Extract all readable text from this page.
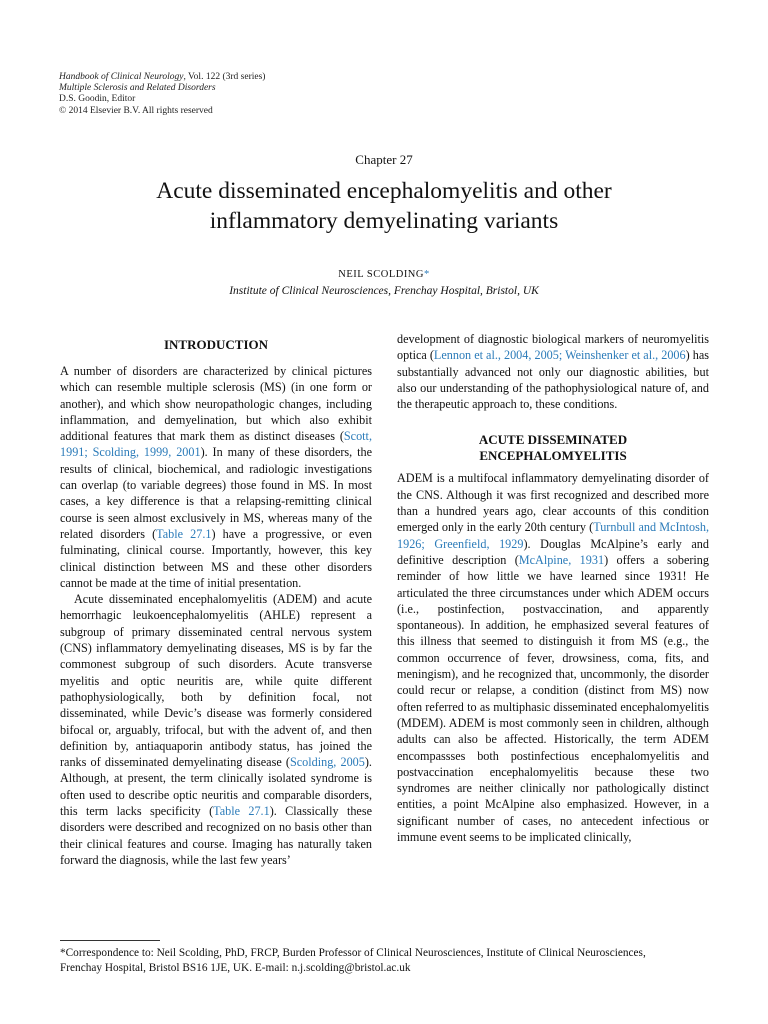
Handbook of Clinical Neurology, Vol. 122 (3rd series)
Multiple Sclerosis and Related Disorders
D.S. Goodin, Editor
© 2014 Elsevier B.V. All rights reserved
Chapter 27
Acute disseminated encephalomyelitis and other
inflammatory demyelinating variants
NEIL SCOLDING*
Institute of Clinical Neurosciences, Frenchay Hospital, Bristol, UK
INTRODUCTION

A number of disorders are characterized by clinical pictures which can resemble multiple sclerosis (MS) (in one form or another), and which show neuropathologic changes, including inflammation, and demyelination, but which also exhibit additional features that mark them as distinct diseases (Scott, 1991; Scolding, 1999, 2001). In many of these disorders, the results of clinical, biochemical, and radiologic investigations can overlap (to variable degrees) those found in MS. In most cases, a key difference is that a relapsing-remitting clinical course is seen almost exclusively in MS, whereas many of the related disorders (Table 27.1) have a progressive, or even fulminating, clinical course. Importantly, however, this key clinical distinction between MS and these other disorders cannot be made at the time of initial presentation.

Acute disseminated encephalomyelitis (ADEM) and acute hemorrhagic leukoencephalomyelitis (AHLE) represent a subgroup of primary disseminated central nervous system (CNS) inflammatory demyelinating diseases, MS is by far the commonest subgroup of such disorders. Acute transverse myelitis and optic neuritis are, while quite different pathophysiologically, both by definition focal, not disseminated, while Devic’s disease was formerly considered bifocal or, arguably, trifocal, but with the advent of, and then definition by, antiaquaporin antibody status, has joined the ranks of disseminated demyelinating disease (Scolding, 2005). Although, at present, the term clinically isolated syndrome is often used to describe optic neuritis and comparable disorders, this term lacks specificity (Table 27.1). Classically these disorders were described and recognized on no basis other than their clinical features and course. Imaging has naturally taken forward the diagnosis, while the last few years’

development of diagnostic biological markers of neuromyelitis optica (Lennon et al., 2004, 2005; Weinshenker et al., 2006) has substantially advanced not only our diagnostic abilities, but also our understanding of the pathophysiological nature of, and the therapeutic approach to, these conditions.

ACUTE DISSEMINATED
ENCEPHALOMYELITIS

ADEM is a multifocal inflammatory demyelinating disorder of the CNS. Although it was first recognized and described more than a hundred years ago, clear accounts of this condition emerged only in the early 20th century (Turnbull and McIntosh, 1926; Greenfield, 1929). Douglas McAlpine’s early and definitive description (McAlpine, 1931) offers a sobering reminder of how little we have learned since 1931! He articulated the three circumstances under which ADEM occurs (i.e., postinfection, postvaccination, and apparently spontaneous). In addition, he emphasized several features of this illness that seemed to distinguish it from MS (e.g., the common occurrence of fever, drowsiness, coma, fits, and meningism), and he recognized that, uncommonly, the disorder could recur or relapse, a condition (distinct from MS) now often referred to as multiphasic disseminated encephalomyelitis (MDEM). ADEM is most commonly seen in children, although adults can also be affected. Historically, the term ADEM encompassses both postinfectious encephalomyelitis and postvaccination encephalomyelitis because these two syndromes are neither clinically nor pathologically distinct entities, a point McAlpine also emphasized. However, in a significant number of cases, no antecedent infectious or immune event seems to be implicated clinically,

*Correspondence to: Neil Scolding, PhD, FRCP, Burden Professor of Clinical Neurosciences, Institute of Clinical Neurosciences,
Frenchay Hospital, Bristol BS16 1JE, UK. E-mail: n.j.scolding@bristol.ac.uk
